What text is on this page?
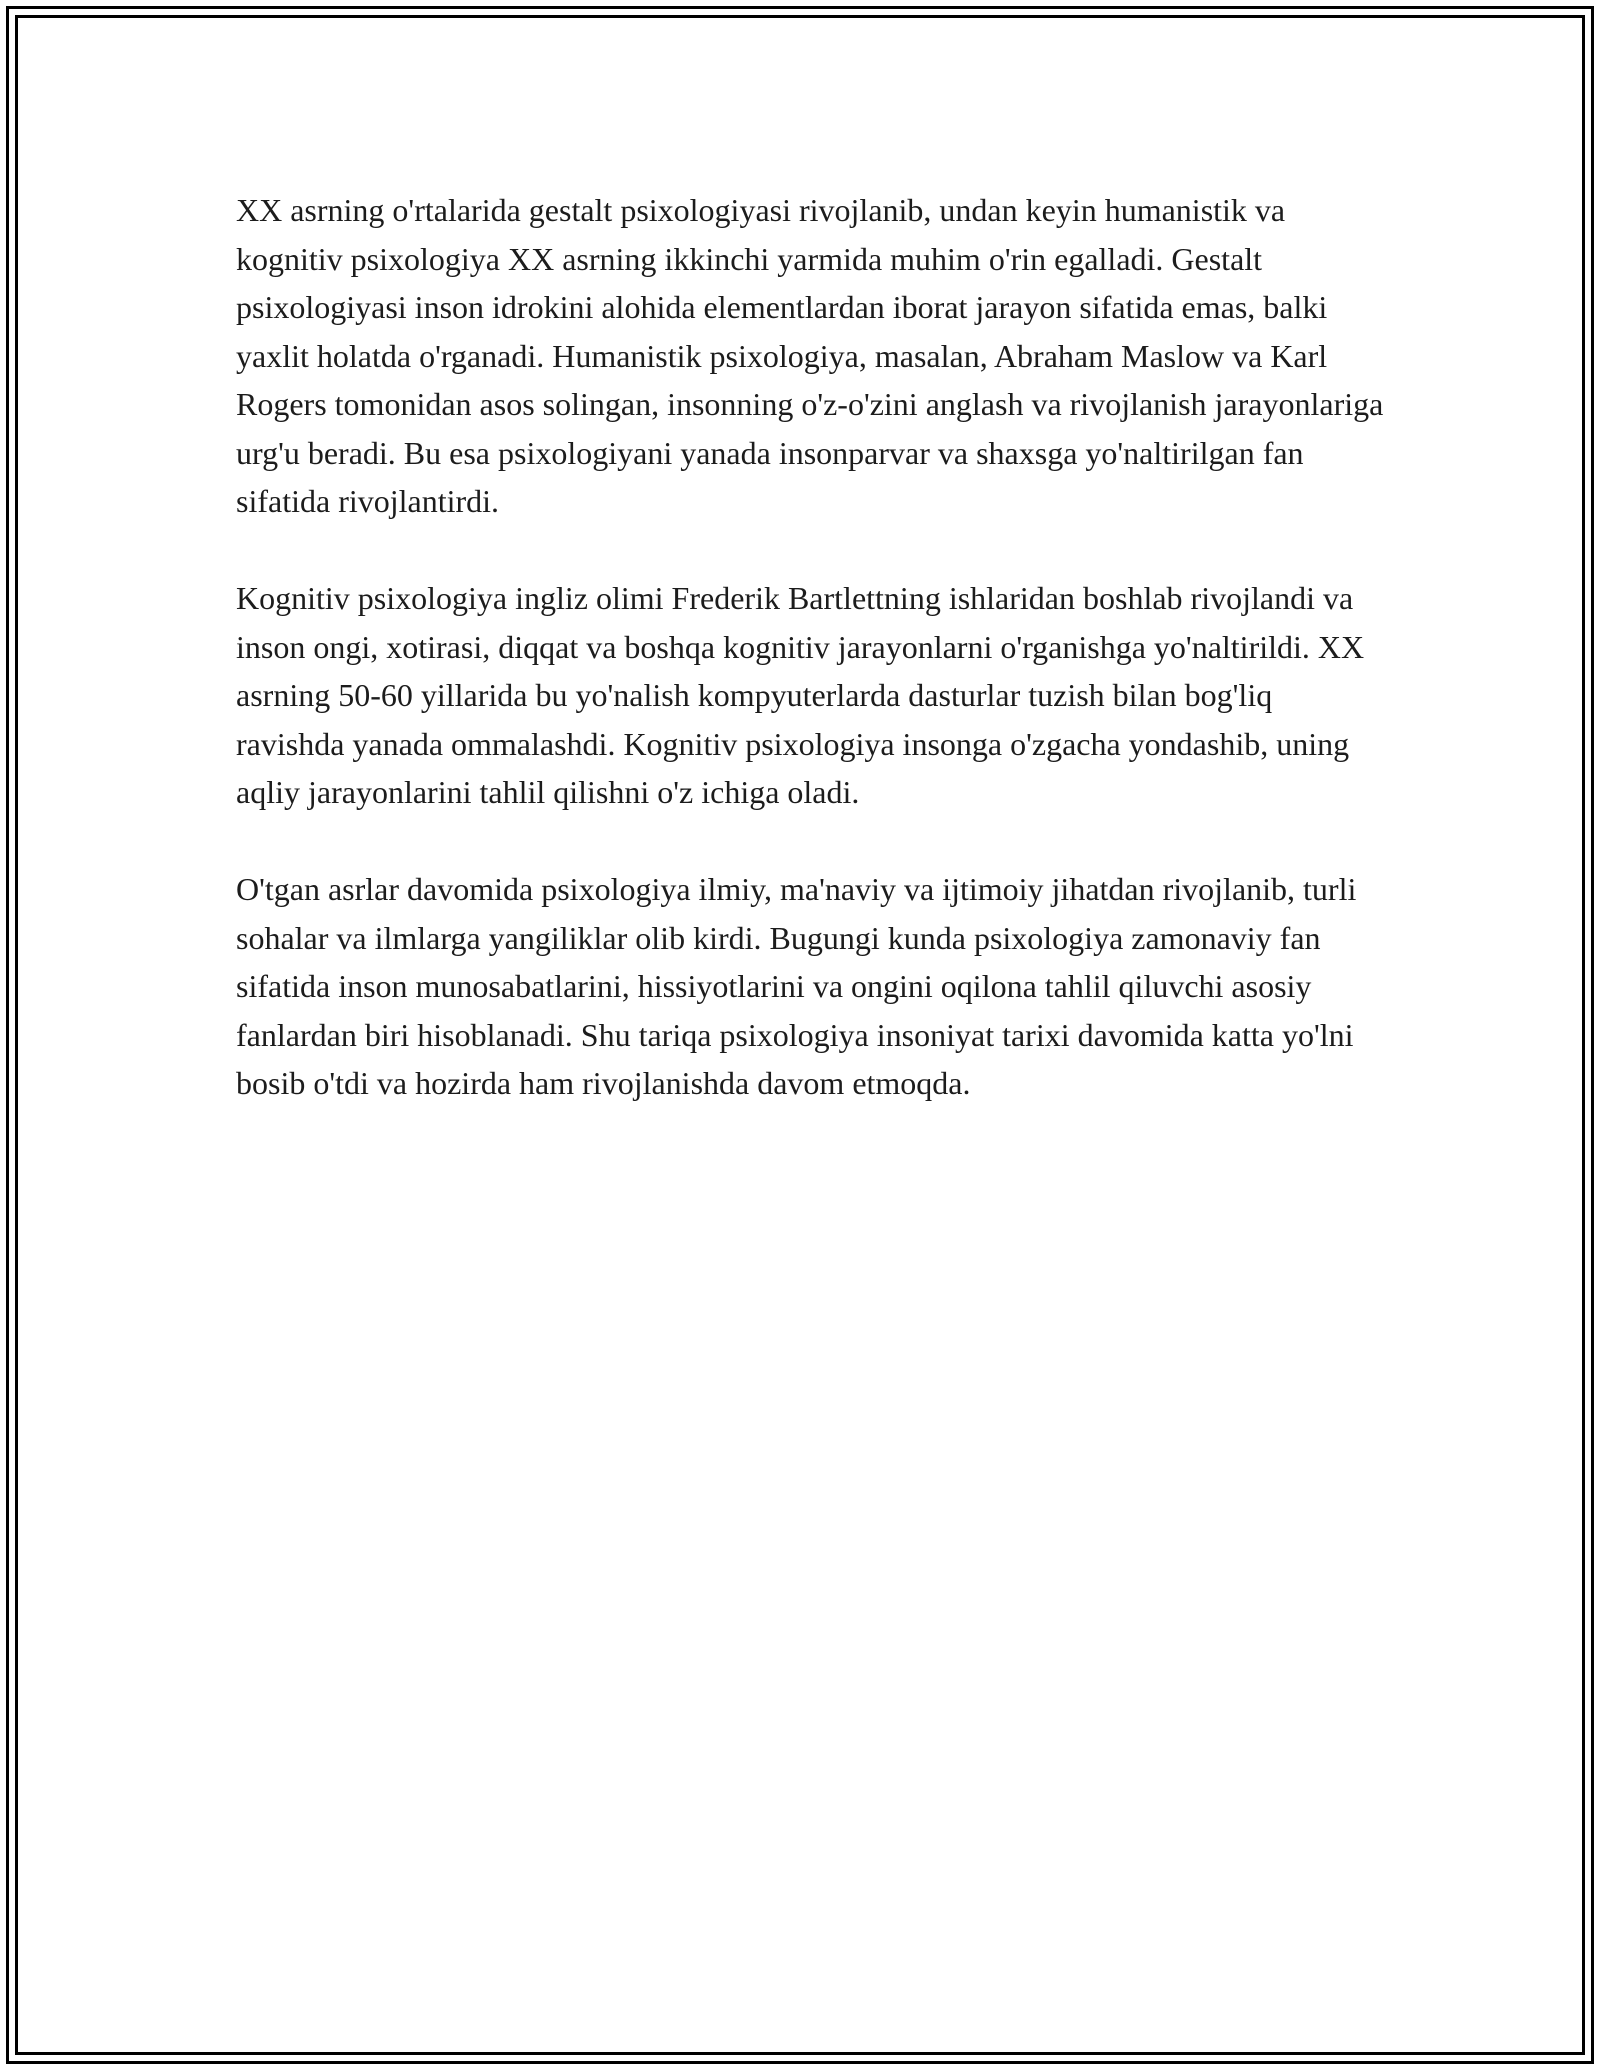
XX asrning o'rtalarida gestalt psixologiyasi rivojlanib, undan keyin humanistik va kognitiv psixologiya XX asrning ikkinchi yarmida muhim o'rin egalladi. Gestalt psixologiyasi inson idrokini alohida elementlardan iborat jarayon sifatida emas, balki yaxlit holatda o'rganadi. Humanistik psixologiya, masalan, Abraham Maslow va Karl Rogers tomonidan asos solingan, insonning o'z-o'zini anglash va rivojlanish jarayonlariga urg'u beradi. Bu esa psixologiyani yanada insonparvar va shaxsga yo'naltirilgan fan sifatida rivojlantirdi.

Kognitiv psixologiya ingliz olimi Frederik Bartlettning ishlaridan boshlab rivojlandi va inson ongi, xotirasi, diqqat va boshqa kognitiv jarayonlarni o'rganishga yo'naltirildi. XX asrning 50-60 yillarida bu yo'nalish kompyuterlarda dasturlar tuzish bilan bog'liq ravishda yanada ommalashdi. Kognitiv psixologiya insonga o'zgacha yondashib, uning aqliy jarayonlarini tahlil qilishni o'z ichiga oladi.

O'tgan asrlar davomida psixologiya ilmiy, ma'naviy va ijtimoiy jihatdan rivojlanib, turli sohalar va ilmlarga yangiliklar olib kirdi. Bugungi kunda psixologiya zamonaviy fan sifatida inson munosabatlarini, hissiyotlarini va ongini oqilona tahlil qiluvchi asosiy fanlardan biri hisoblanadi. Shu tariqa psixologiya insoniyat tarixi davomida katta yo'lni bosib o'tdi va hozirda ham rivojlanishda davom etmoqda.
